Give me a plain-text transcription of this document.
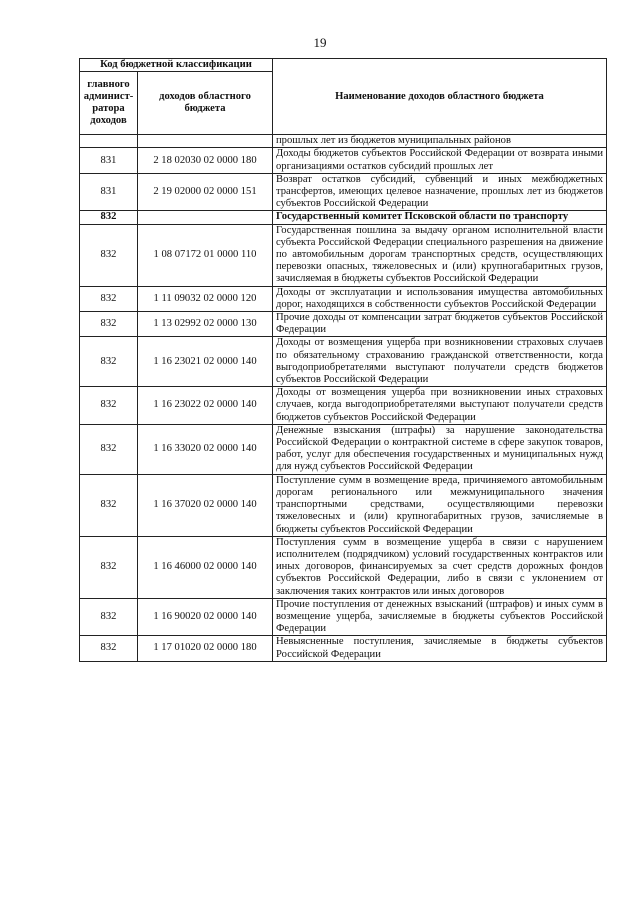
19
Код бюджетной классификации		Наименование доходов областного бюджета
главного админист-ратора доходов	доходов областного бюджета	
		прошлых лет из бюджетов муниципальных районов
831	2 18 02030 02 0000 180	Доходы бюджетов субъектов Российской Федерации от возврата иными организациями остатков субсидий прошлых лет
831	2 19 02000 02 0000 151	Возврат остатков субсидий, субвенций и иных межбюджетных трансфертов, имеющих целевое назначение, прошлых лет из бюджетов субъектов Российской Федерации
832		Государственный комитет Псковской области по транспорту
832	1 08 07172 01 0000 110	Государственная пошлина за выдачу органом исполнительной власти субъекта Российской Федерации специального разрешения на движение по автомобильным дорогам транспортных средств, осуществляющих перевозки опасных, тяжеловесных и (или) крупногабаритных грузов, зачисляемая в бюджеты субъектов Российской Федерации
832	1 11 09032 02 0000 120	Доходы от эксплуатации и использования имущества автомобильных дорог, находящихся в собственности субъектов Российской Федерации
832	1 13 02992 02 0000 130	Прочие доходы от компенсации затрат бюджетов субъектов Российской Федерации
832	1 16 23021 02 0000 140	Доходы от возмещения ущерба при возникновении страховых случаев по обязательному страхованию гражданской ответственности, когда выгодоприобретателями выступают получатели средств бюджетов субъектов Российской Федерации
832	1 16 23022 02 0000 140	Доходы от возмещения ущерба при возникновении иных страховых случаев, когда выгодоприобретателями выступают получатели средств бюджетов субъектов Российской Федерации
832	1 16 33020 02 0000 140	Денежные взыскания (штрафы) за нарушение законодательства Российской Федерации о контрактной системе в сфере закупок товаров, работ, услуг для обеспечения государственных и муниципальных нужд для нужд субъектов Российской Федерации
832	1 16 37020 02 0000 140	Поступление сумм в возмещение вреда, причиняемого автомобильным дорогам регионального или межмуниципального значения транспортными средствами, осуществляющими перевозки тяжеловесных и (или) крупногабаритных грузов, зачисляемые в бюджеты субъектов Российской Федерации
832	1 16 46000 02 0000 140	Поступления сумм в возмещение ущерба в связи с нарушением исполнителем (подрядчиком) условий государственных контрактов или иных договоров, финансируемых за счет средств дорожных фондов субъектов Российской Федерации, либо в связи с уклонением от заключения таких контрактов или иных договоров
832	1 16 90020 02 0000 140	Прочие поступления от денежных взысканий (штрафов) и иных сумм в возмещение ущерба, зачисляемые в бюджеты субъектов Российской Федерации
832	1 17 01020 02 0000 180	Невыясненные поступления, зачисляемые в бюджеты субъектов Российской Федерации
